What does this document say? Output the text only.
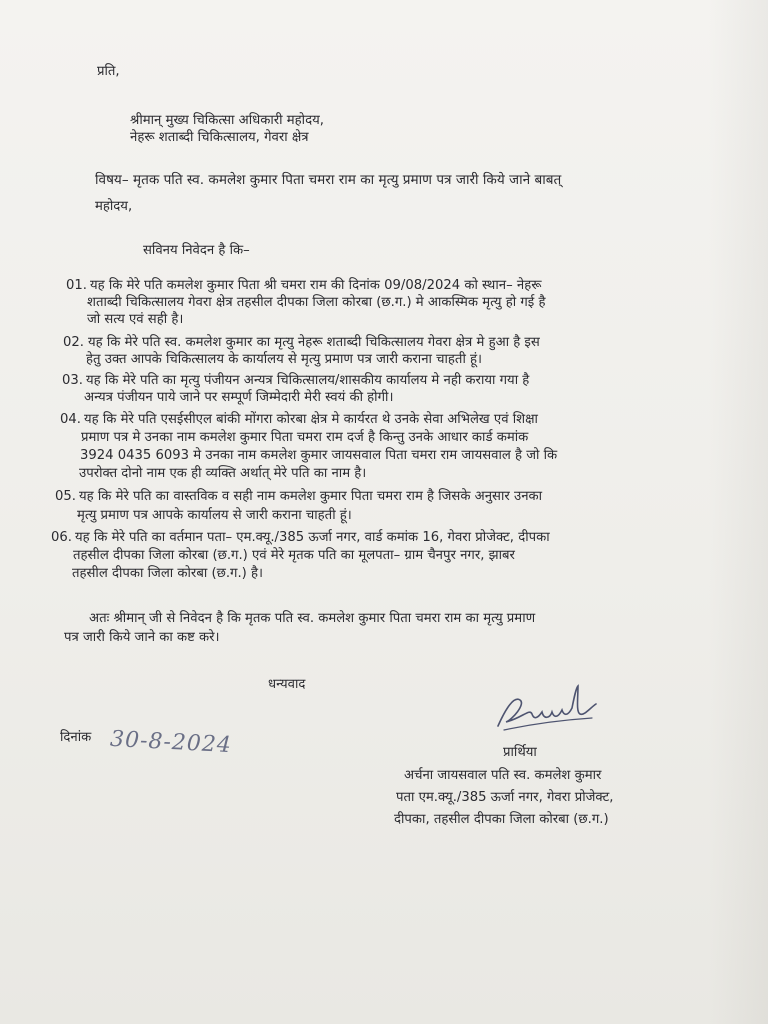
प्रति,
श्रीमान् मुख्य चिकित्सा अधिकारी महोदय,
नेहरू शताब्दी चिकित्सालय, गेवरा क्षेत्र
विषय– मृतक पति स्व. कमलेश कुमार पिता चमरा राम का मृत्यु प्रमाण पत्र जारी किये जाने बाबत्
महोदय,
सविनय निवेदन है कि–
01. यह कि मेरे पति कमलेश कुमार पिता श्री चमरा राम की दिनांक 09/08/2024 को स्थान– नेहरू
शताब्दी चिकित्सालय गेवरा क्षेत्र तहसील दीपका जिला कोरबा (छ.ग.) मे आकस्मिक मृत्यु हो गई है
जो सत्य एवं सही है।
02. यह कि मेरे पति स्व. कमलेश कुमार का मृत्यु नेहरू शताब्दी चिकित्सालय गेवरा क्षेत्र मे हुआ है इस
हेतु उक्त आपके चिकित्सालय के कार्यालय से मृत्यु प्रमाण पत्र जारी कराना चाहती हूं।
03. यह कि मेरे पति का मृत्यु पंजीयन अन्यत्र चिकित्सालय/शासकीय कार्यालय मे नही कराया गया है
अन्यत्र पंजीयन पाये जाने पर सम्पूर्ण जिम्मेदारी मेरी स्वयं की होगी।
04. यह कि मेरे पति एसईसीएल बांकी मोंगरा कोरबा क्षेत्र मे कार्यरत थे उनके सेवा अभिलेख एवं शिक्षा
प्रमाण पत्र मे उनका नाम कमलेश कुमार पिता चमरा राम दर्ज है किन्तु उनके आधार कार्ड कमांक
3924 0435 6093 मे उनका नाम कमलेश कुमार जायसवाल पिता चमरा राम जायसवाल है जो कि
उपरोक्त दोनो नाम एक ही व्यक्ति अर्थात् मेरे पति का नाम है।
05. यह कि मेरे पति का वास्तविक व सही नाम कमलेश कुमार पिता चमरा राम है जिसके अनुसार उनका
मृत्यु प्रमाण पत्र आपके कार्यालय से जारी कराना चाहती हूं।
06. यह कि मेरे पति का वर्तमान पता– एम.क्यू./385 ऊर्जा नगर, वार्ड कमांक 16, गेवरा प्रोजेक्ट, दीपका
तहसील दीपका जिला कोरबा (छ.ग.) एवं मेरे मृतक पति का मूलपता– ग्राम चैनपुर नगर, झाबर
तहसील दीपका जिला कोरबा (छ.ग.) है।
अतः श्रीमान् जी से निवेदन है कि मृतक पति स्व. कमलेश कुमार पिता चमरा राम का मृत्यु प्रमाण
पत्र जारी किये जाने का कष्ट करे।
धन्यवाद
दिनांक 30-8-2024	प्रार्थिया
अर्चना जायसवाल पति स्व. कमलेश कुमार
पता एम.क्यू./385 ऊर्जा नगर, गेवरा प्रोजेक्ट,
दीपका, तहसील दीपका जिला कोरबा (छ.ग.)
